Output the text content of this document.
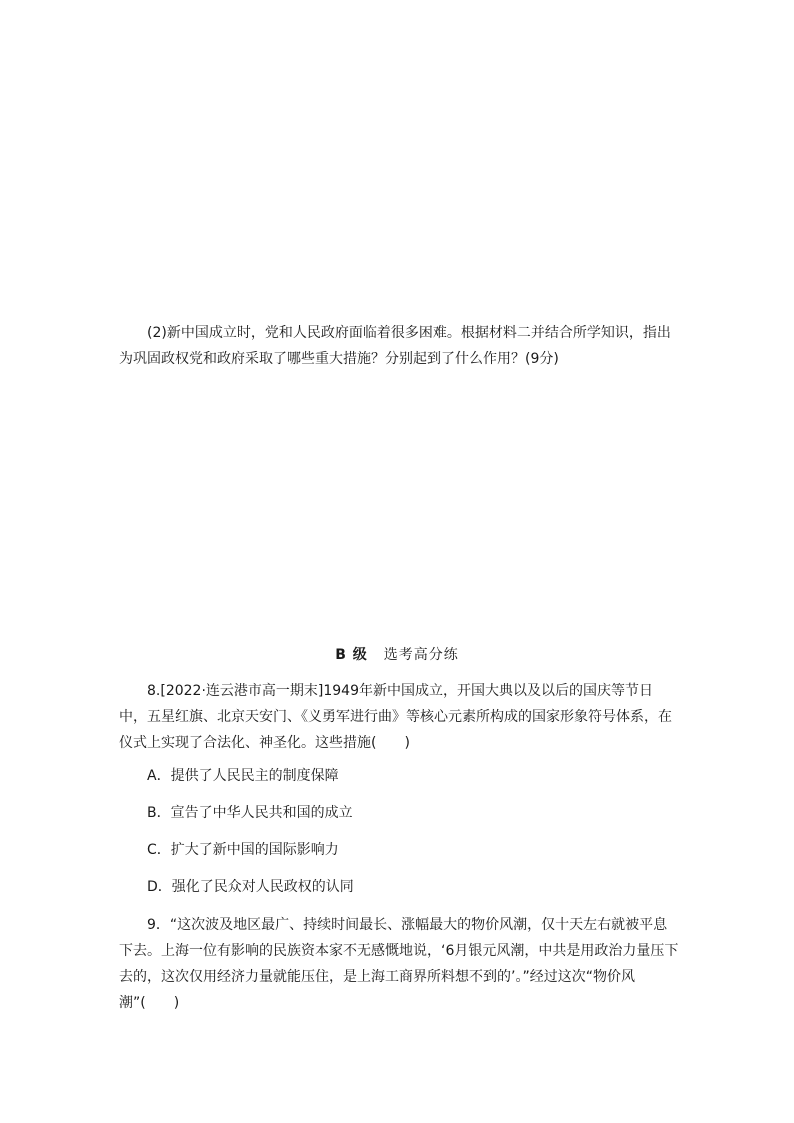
(2)新中国成立时，党和人民政府面临着很多困难。根据材料二并结合所学知识，指出为巩固政权党和政府采取了哪些重大措施？分别起到了什么作用？(9分)

B 级 选考高分练

8.[2022·连云港市高一期末]1949年新中国成立，开国大典以及以后的国庆等节日中，五星红旗、北京天安门、《义勇军进行曲》等核心元素所构成的国家形象符号体系，在仪式上实现了合法化、神圣化。这些措施(　　)

A．提供了人民民主的制度保障
B．宣告了中华人民共和国的成立
C．扩大了新中国的国际影响力
D．强化了民众对人民政权的认同

9．“这次波及地区最广、持续时间最长、涨幅最大的物价风潮，仅十天左右就被平息下去。上海一位有影响的民族资本家不无感慨地说，‘6月银元风潮，中共是用政治力量压下去的，这次仅用经济力量就能压住，是上海工商界所料想不到的’。”经过这次“物价风潮”(　　)
